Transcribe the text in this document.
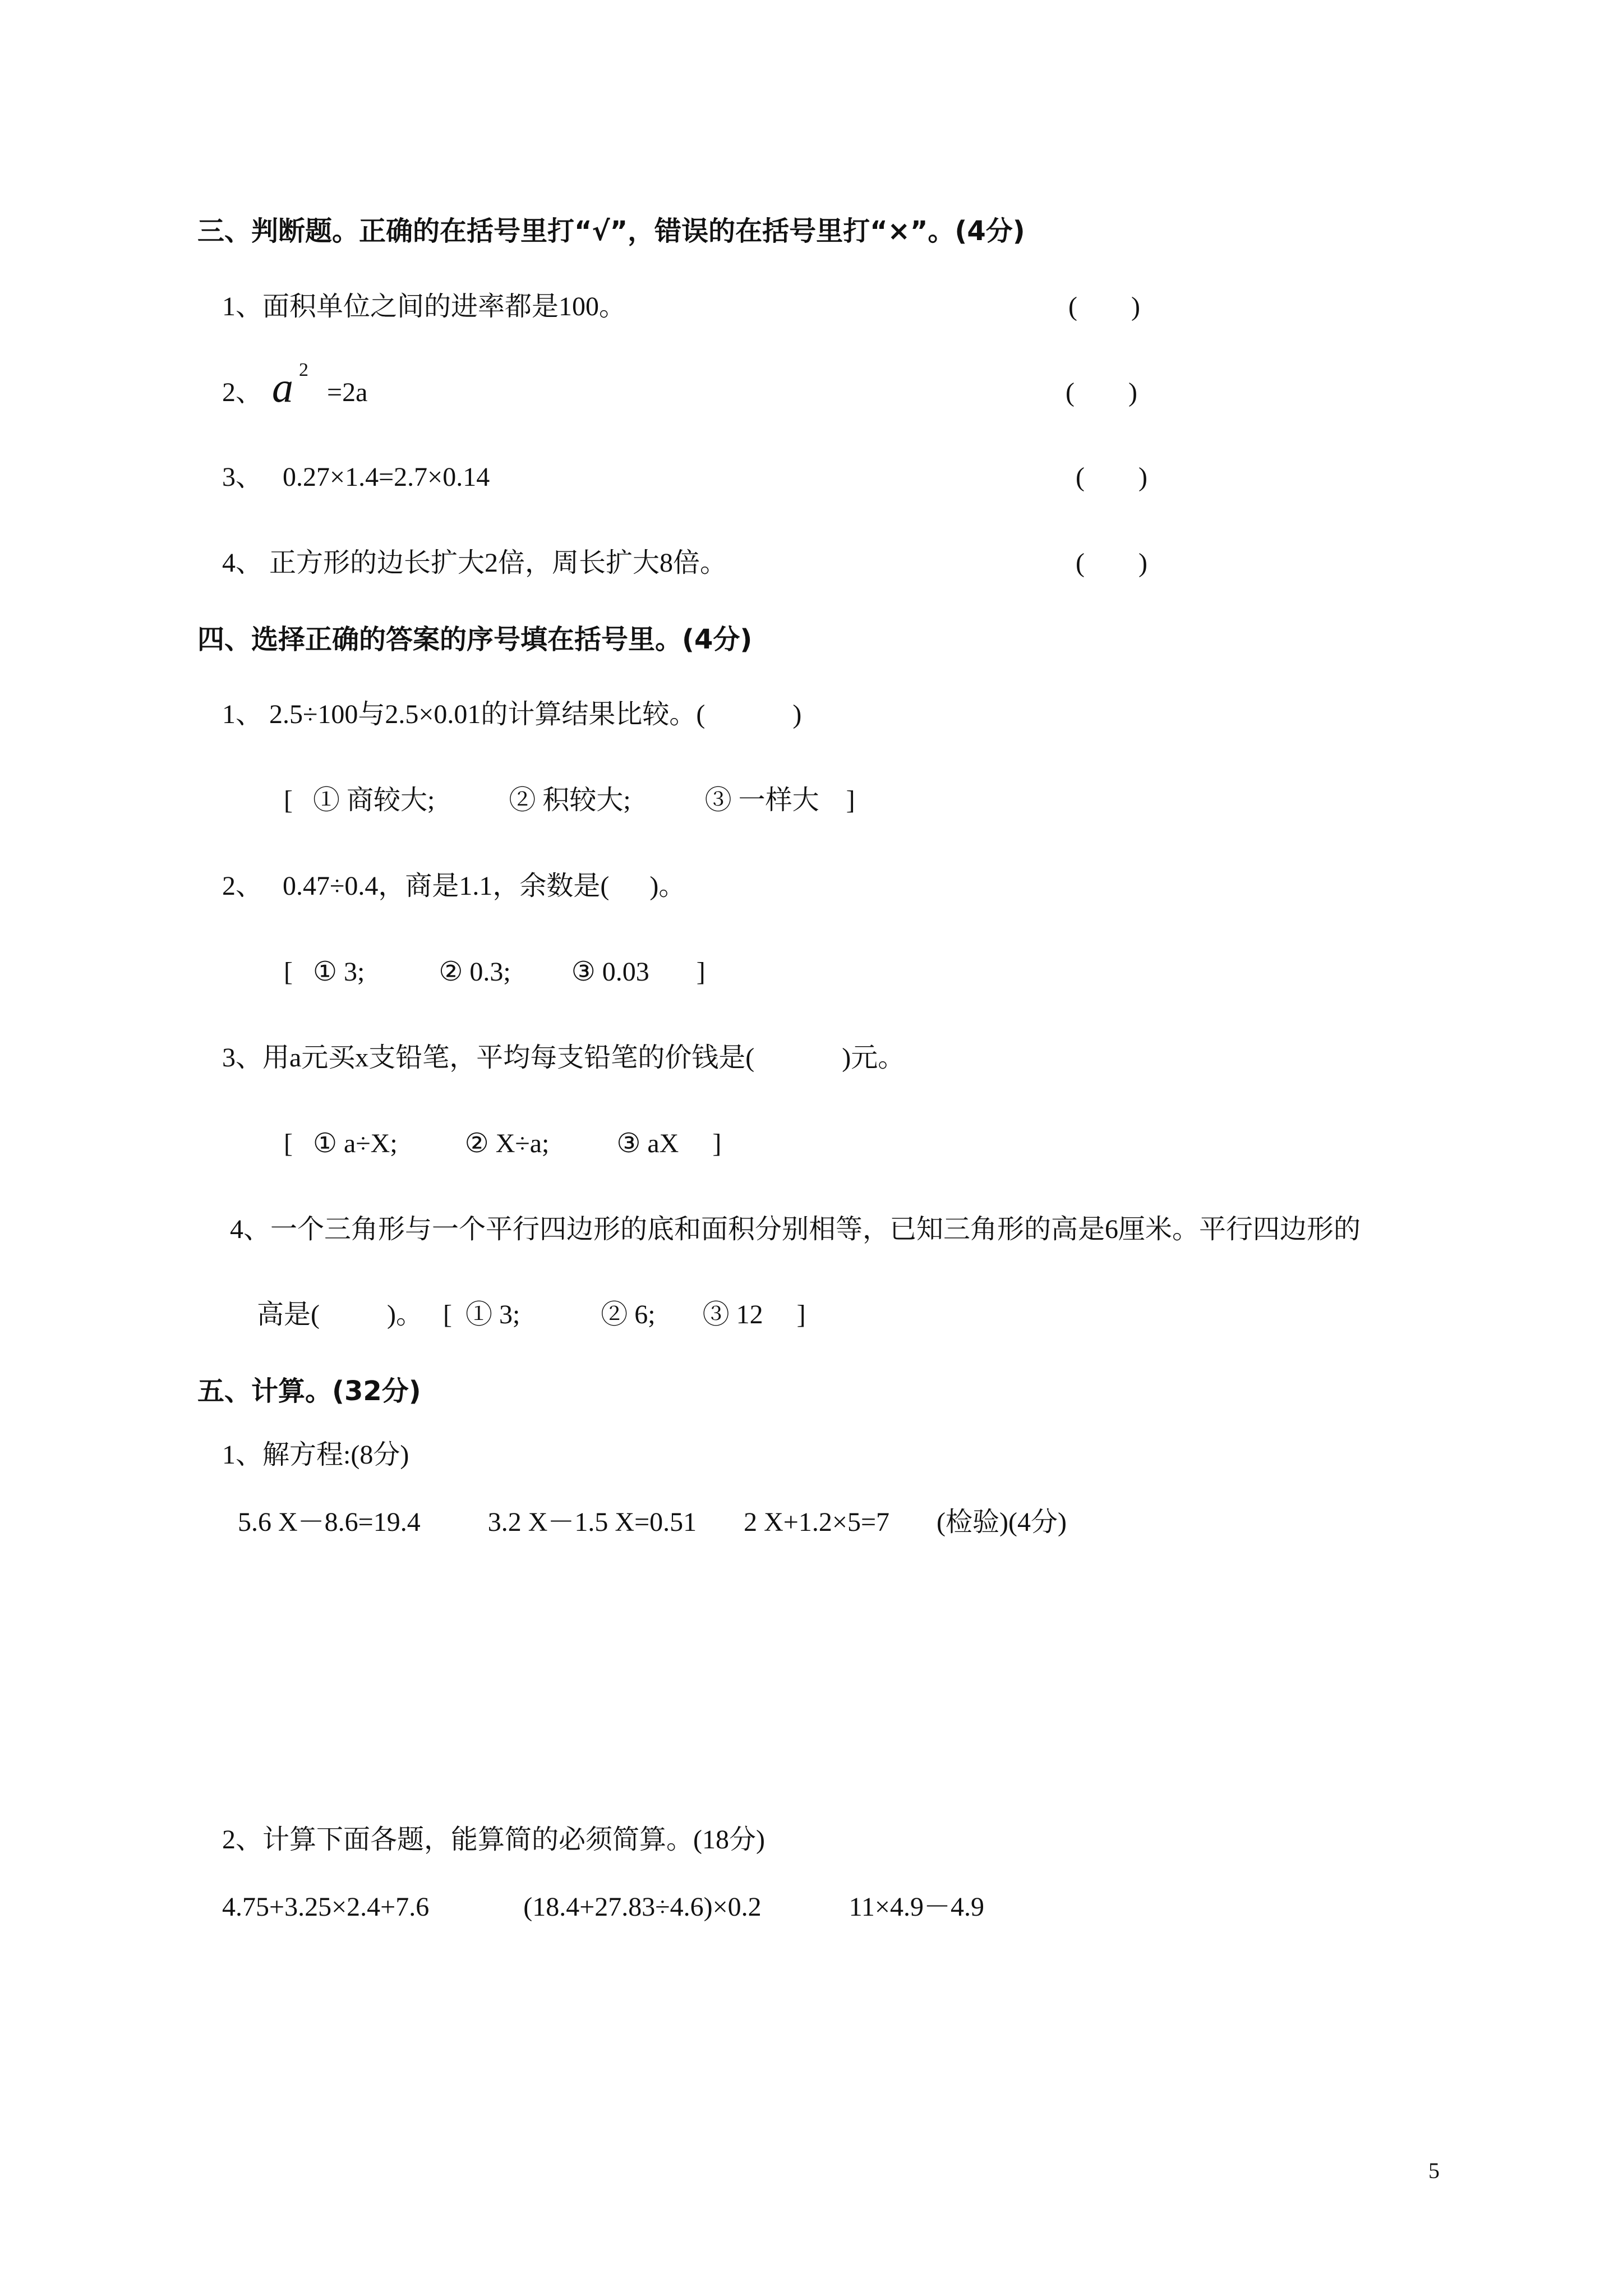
三、判断题。正确的在括号里打“√”，错误的在括号里打“×”。(4分)
1、面积单位之间的进率都是100。	(        )
2、 a 2
=2a	(        )
3、   0.27×1.4=2.7×0.14	(        )
4、 正方形的边长扩大2倍，周长扩大8倍。	(        )
四、选择正确的答案的序号填在括号里。(4分)
1、 2.5÷100与2.5×0.01的计算结果比较。(             )
[   ① 商较大;           ② 积较大;           ③ 一样大    ]
2、   0.47÷0.4，商是1.1，余数是(      )。
[   ① 3;           ② 0.3;         ③ 0.03       ]
3、用a元买x支铅笔，平均每支铅笔的价钱是(             )元。
[   ① a÷X;          ② X÷a;          ③ aX     ]
4、一个三角形与一个平行四边形的底和面积分别相等，已知三角形的高是6厘米。平行四边形的
高是(          )。   [  ① 3;            ② 6;       ③ 12     ]
五、计算。(32分)
1、解方程:(8分)
5.6 X－8.6=19.4          3.2 X－1.5 X=0.51       2 X+1.2×5=7       (检验)(4分)
2、计算下面各题，能算简的必须简算。(18分)
4.75+3.25×2.4+7.6              (18.4+27.83÷4.6)×0.2             11×4.9－4.9
5
